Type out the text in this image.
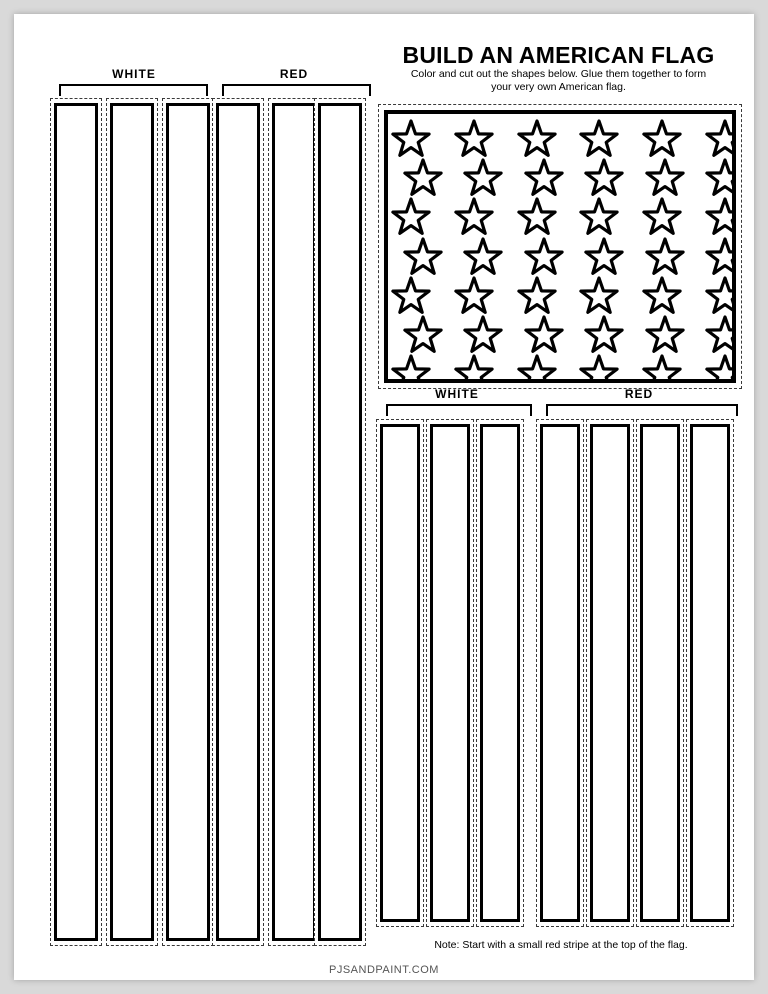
BUILD AN AMERICAN FLAG
Color and cut out the shapes below. Glue them together to form your very own American flag.
WHITE	RED
WHITE	RED
Note: Start with a small red stripe at the top of the flag.
PJSANDPAINT.COM
